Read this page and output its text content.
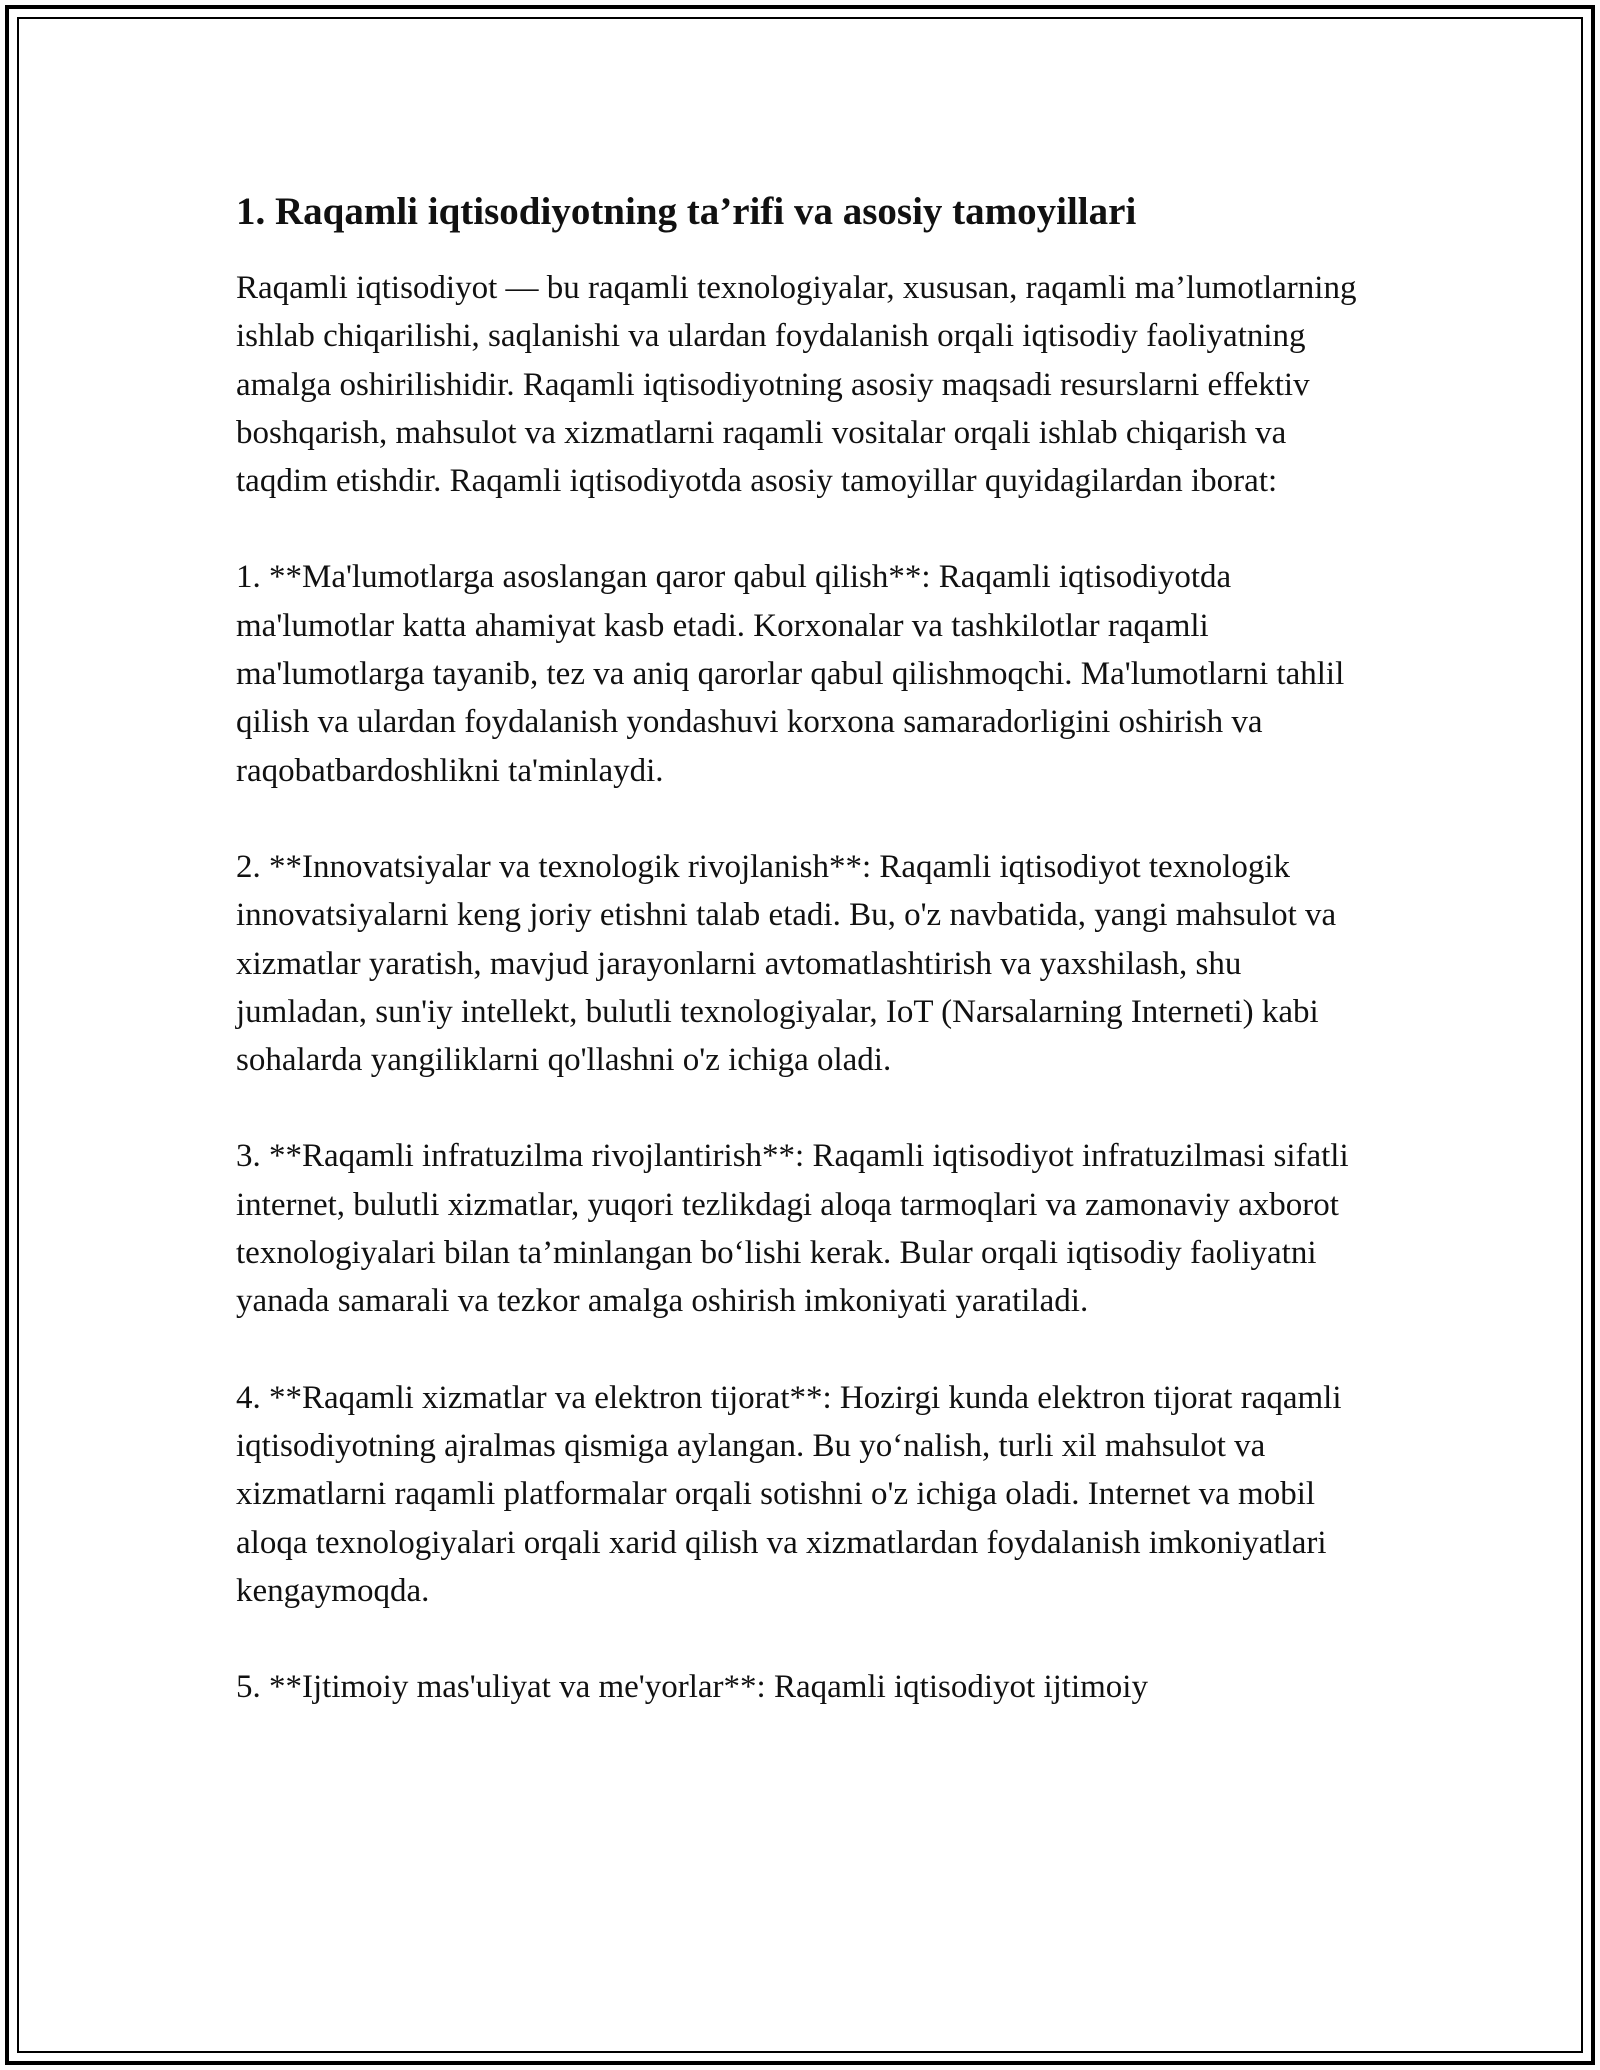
1. Raqamli iqtisodiyotning ta’rifi va asosiy tamoyillari

Raqamli iqtisodiyot — bu raqamli texnologiyalar, xususan, raqamli ma’lumotlarning ishlab chiqarilishi, saqlanishi va ulardan foydalanish orqali iqtisodiy faoliyatning amalga oshirilishidir. Raqamli iqtisodiyotning asosiy maqsadi resurslarni effektiv boshqarish, mahsulot va xizmatlarni raqamli vositalar orqali ishlab chiqarish va taqdim etishdir. Raqamli iqtisodiyotda asosiy tamoyillar quyidagilardan iborat:

1. **Ma'lumotlarga asoslangan qaror qabul qilish**: Raqamli iqtisodiyotda ma'lumotlar katta ahamiyat kasb etadi. Korxonalar va tashkilotlar raqamli ma'lumotlarga tayanib, tez va aniq qarorlar qabul qilishmoqchi. Ma'lumotlarni tahlil qilish va ulardan foydalanish yondashuvi korxona samaradorligini oshirish va raqobatbardoshlikni ta'minlaydi.

2. **Innovatsiyalar va texnologik rivojlanish**: Raqamli iqtisodiyot texnologik innovatsiyalarni keng joriy etishni talab etadi. Bu, o'z navbatida, yangi mahsulot va xizmatlar yaratish, mavjud jarayonlarni avtomatlashtirish va yaxshilash, shu jumladan, sun'iy intellekt, bulutli texnologiyalar, IoT (Narsalarning Interneti) kabi sohalarda yangiliklarni qo'llashni o'z ichiga oladi.

3. **Raqamli infratuzilma rivojlantirish**: Raqamli iqtisodiyot infratuzilmasi sifatli internet, bulutli xizmatlar, yuqori tezlikdagi aloqa tarmoqlari va zamonaviy axborot texnologiyalari bilan ta’minlangan bo‘lishi kerak. Bular orqali iqtisodiy faoliyatni yanada samarali va tezkor amalga oshirish imkoniyati yaratiladi.

4. **Raqamli xizmatlar va elektron tijorat**: Hozirgi kunda elektron tijorat raqamli iqtisodiyotning ajralmas qismiga aylangan. Bu yo‘nalish, turli xil mahsulot va xizmatlarni raqamli platformalar orqali sotishni o'z ichiga oladi. Internet va mobil aloqa texnologiyalari orqali xarid qilish va xizmatlardan foydalanish imkoniyatlari kengaymoqda.

5. **Ijtimoiy mas'uliyat va me'yorlar**: Raqamli iqtisodiyot ijtimoiy
